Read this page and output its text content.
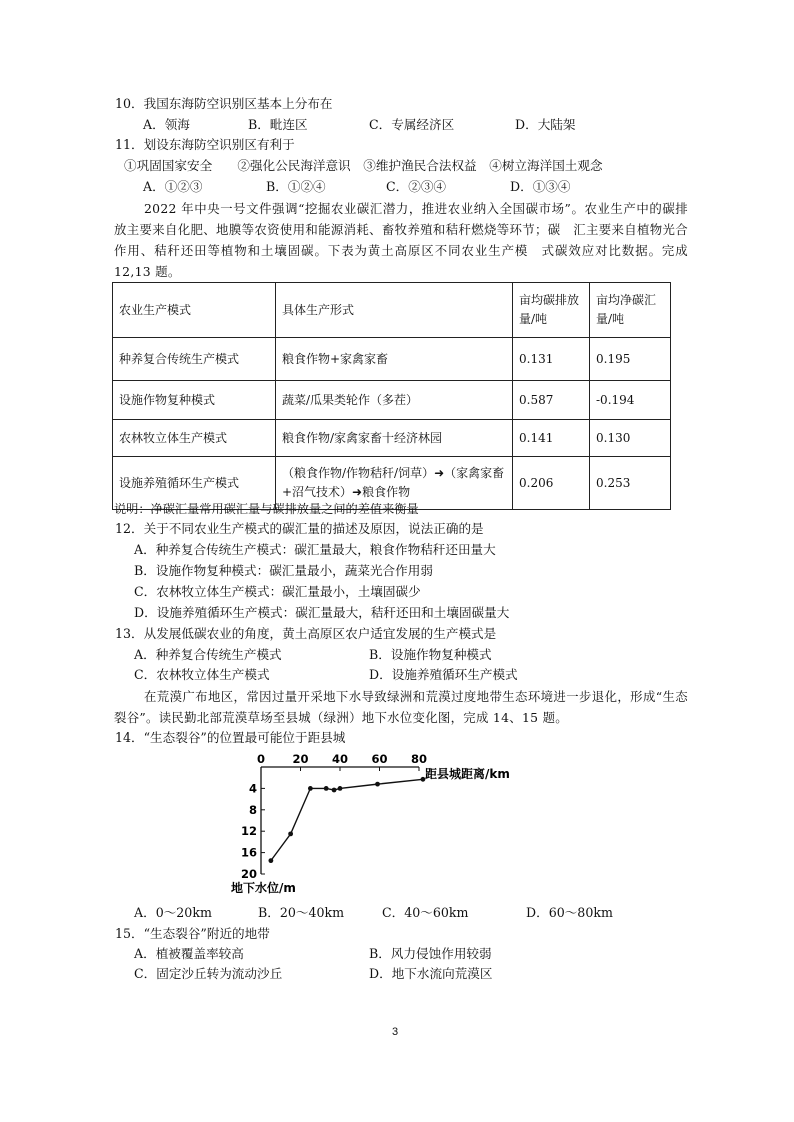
10．我国东海防空识别区基本上分布在
A．领海	B．毗连区	C．专属经济区	D．大陆架
11．划设东海防空识别区有利于
①巩固国家安全　　②强化公民海洋意识　③维护渔民合法权益　④树立海洋国土观念
A．①②③	B．①②④	C．②③④	D．①③④
2022 年中央一号文件强调“挖掘农业碳汇潜力，推进农业纳入全国碳市场”。农业生产中的碳排放主要来自化肥、地膜等农资使用和能源消耗、畜牧养殖和秸秆燃烧等环节；碳　汇主要来自植物光合作用、秸秆还田等植物和土壤固碳。下表为黄土高原区不同农业生产模　式碳效应对比数据。完成 12,13 题。
农业生产模式	具体生产形式	亩均碳排放量/吨	亩均净碳汇量/吨
种养复合传统生产模式	粮食作物+家禽家畜	0.131	0.195
设施作物复种模式	蔬菜/瓜果类轮作（多茬）	0.587	-0.194
农林牧立体生产模式	粮食作物/家禽家畜十经济林园	0.141	0.130
设施养殖循环生产模式	（粮食作物/作物秸秆/饲草）➜（家禽家畜+沼气技术）➜粮食作物	0.206	0.253
说明：净碳汇量常用碳汇量与碳排放量之间的差值来衡量
12．关于不同农业生产模式的碳汇量的描述及原因，说法正确的是
A．种养复合传统生产模式：碳汇量最大，粮食作物秸秆还田量大
B．设施作物复种模式：碳汇量最小，蔬菜光合作用弱
C．农林牧立体生产模式：碳汇量最小，土壤固碳少
D．设施养殖循环生产模式：碳汇量最大，秸秆还田和土壤固碳量大
13．从发展低碳农业的角度，黄土高原区农户适宜发展的生产模式是
A．种养复合传统生产模式	B．设施作物复种模式
C．农林牧立体生产模式	D．设施养殖循环生产模式
在荒漠广布地区，常因过量开采地下水导致绿洲和荒漠过度地带生态环境进一步退化，形成“生态裂谷”。读民勤北部荒漠草场至县城（绿洲）地下水位变化图，完成 14、15 题。
14．“生态裂谷”的位置最可能位于距县城
0 20 40 60 80
4
8
12
16
20
距县城距离/km
地下水位/m
A．0～20km	B．20～40km	C．40～60km	D．60～80km
15．“生态裂谷”附近的地带
A．植被覆盖率较高	B．风力侵蚀作用较弱
C．固定沙丘转为流动沙丘	D．地下水流向荒漠区
3
